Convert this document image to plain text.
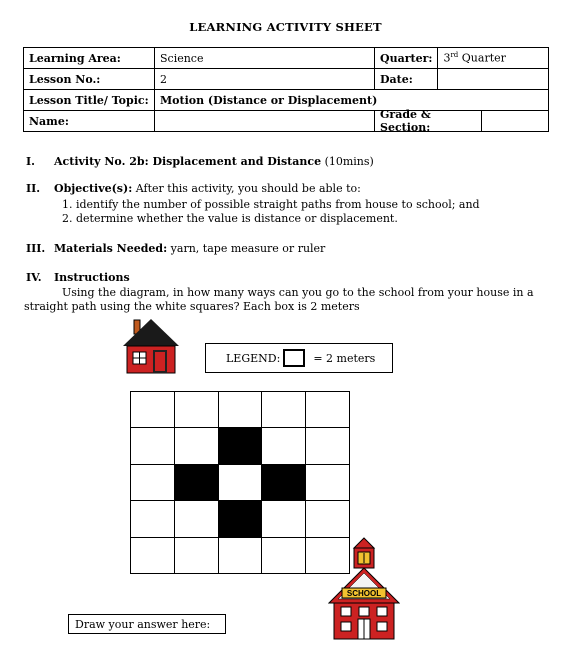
LEARNING ACTIVITY SHEET
Learning Area:	Science	Quarter:	3rd Quarter
Lesson No.:	2	Date:	
Lesson Title/ Topic:	Motion (Distance or Displacement)		
Name:		Grade & Section:	
I. Activity No. 2b: Displacement and Distance (10mins)
II. Objective(s): After this activity, you should be able to:
1. identify the number of possible straight paths from house to school; and
2. determine whether the value is distance or displacement.
III. Materials Needed: yarn, tape measure or ruler
IV. Instructions
Using the diagram, in how many ways can you go to the school from your house in a
straight path using the white squares? Each box is 2 meters
LEGEND:	= 2 meters
SCHOOL
Draw your answer here:
